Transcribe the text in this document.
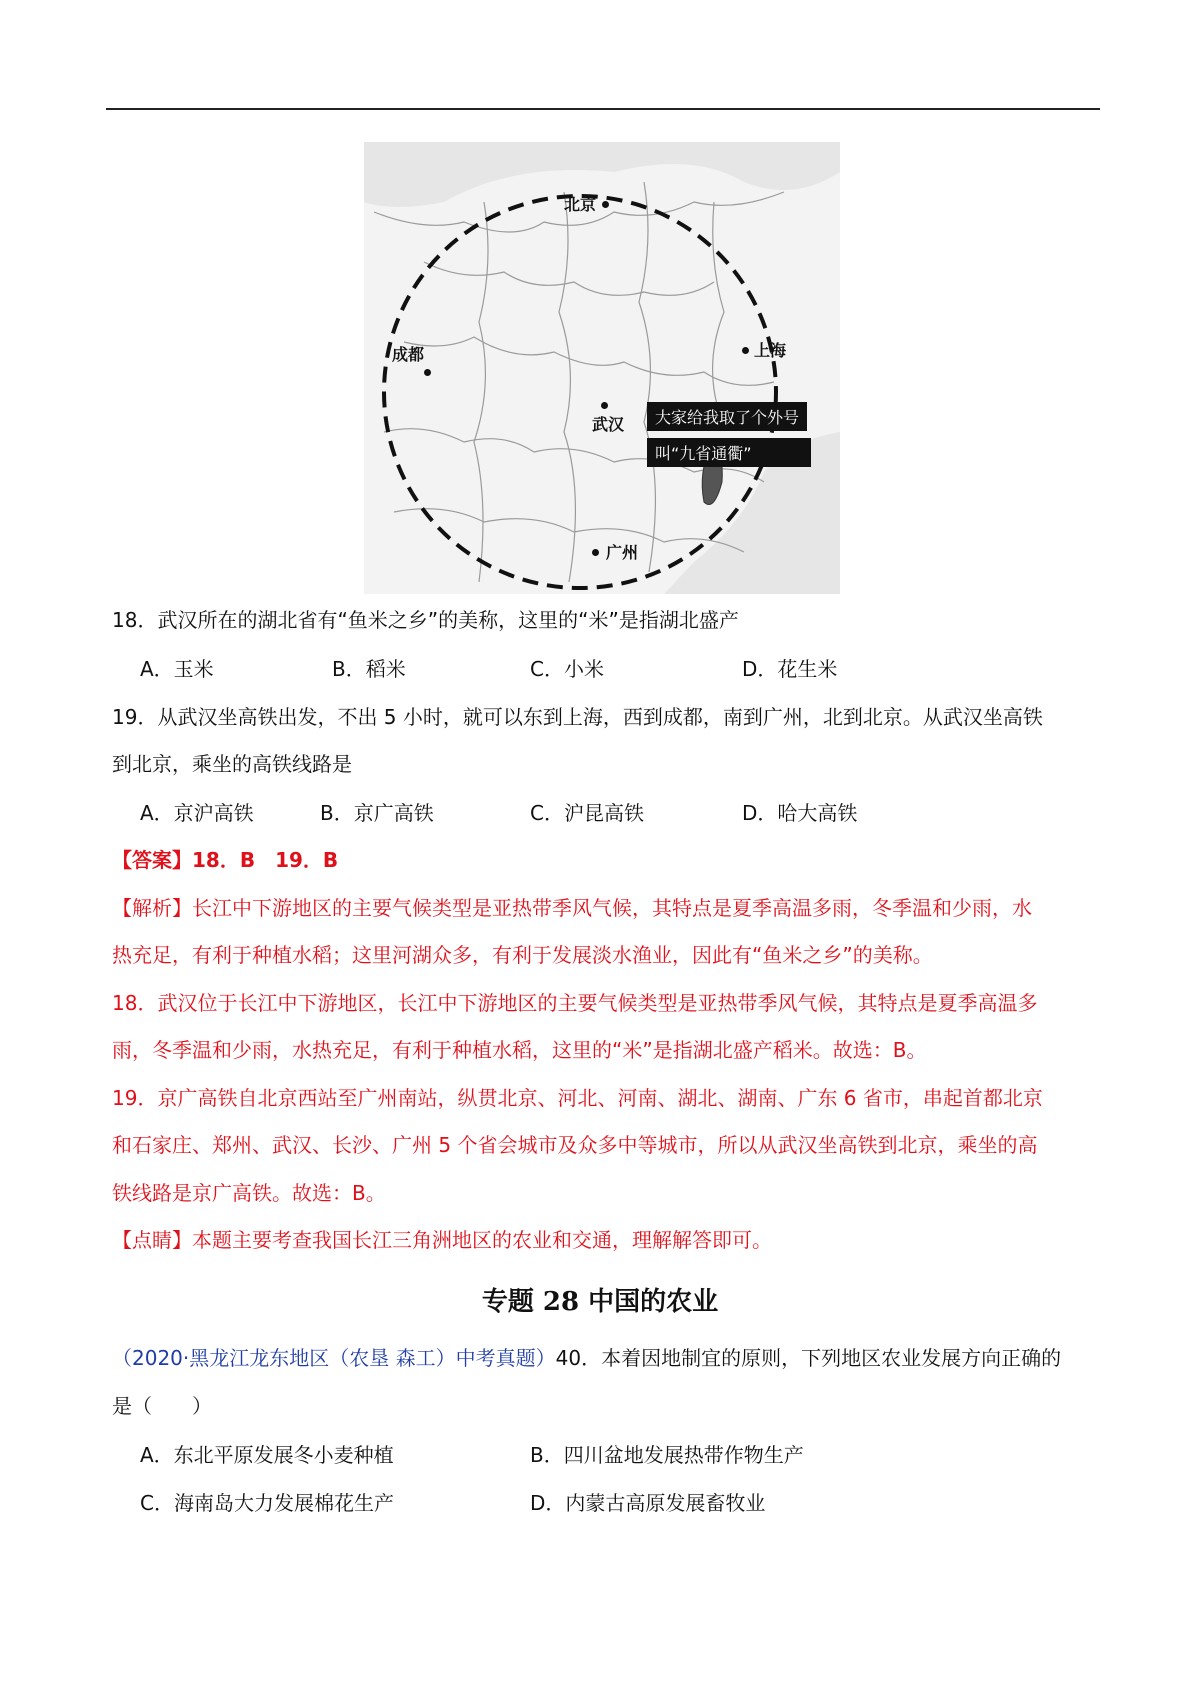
北京
成都
武汉
上海
广州
大家给我取了个外号
叫“九省通衢”
18．武汉所在的湖北省有“鱼米之乡”的美称，这里的“米”是指湖北盛产
A．玉米	B．稻米	C．小米	D．花生米
19．从武汉坐高铁出发，不出 5 小时，就可以东到上海，西到成都，南到广州，北到北京。从武汉坐高铁
到北京，乘坐的高铁线路是
A．京沪高铁	B．京广高铁	C．沪昆高铁	D．哈大高铁
【答案】18．B　19．B
【解析】长江中下游地区的主要气候类型是亚热带季风气候，其特点是夏季高温多雨，冬季温和少雨，水
热充足，有利于种植水稻；这里河湖众多，有利于发展淡水渔业，因此有“鱼米之乡”的美称。
18．武汉位于长江中下游地区，长江中下游地区的主要气候类型是亚热带季风气候，其特点是夏季高温多
雨，冬季温和少雨，水热充足，有利于种植水稻，这里的“米”是指湖北盛产稻米。故选：B。
19．京广高铁自北京西站至广州南站，纵贯北京、河北、河南、湖北、湖南、广东 6 省市，串起首都北京
和石家庄、郑州、武汉、长沙、广州 5 个省会城市及众多中等城市，所以从武汉坐高铁到北京，乘坐的高
铁线路是京广高铁。故选：B。
【点睛】本题主要考查我国长江三角洲地区的农业和交通，理解解答即可。
专题 28 中国的农业
（2020·黑龙江龙东地区（农垦 森工）中考真题）40．本着因地制宜的原则，下列地区农业发展方向正确的
是（　　）
A．东北平原发展冬小麦种植	B．四川盆地发展热带作物生产
C．海南岛大力发展棉花生产	D．内蒙古高原发展畜牧业
